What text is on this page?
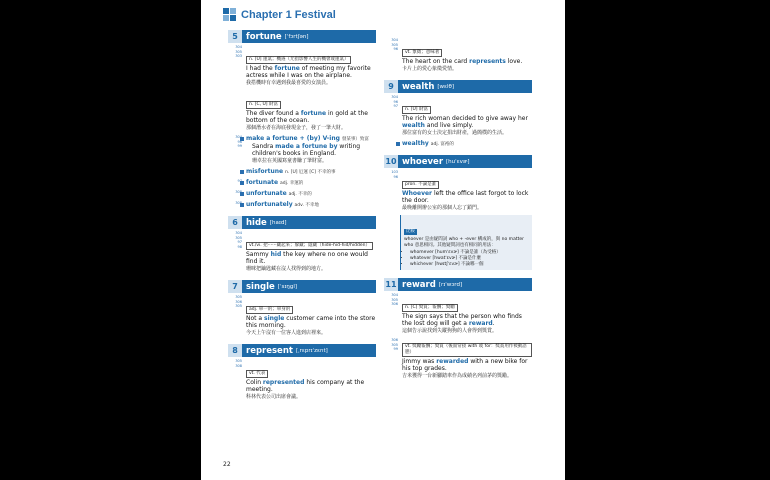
Chapter 1 Festival
5 fortune [ˈfɔrtʃən]
304
305
303
n. [U] 運氣；機遇（尤指影響人生的機會或運氣）
I had the fortune of meeting my favorite actress while I was on the airplane.
我搭機時有幸遇到我最喜愛的女演員。
n. [C, U] 財富
The diver found a fortune in gold at the bottom of the ocean.
那個潛水者在海底發現金子，發了一筆大財。
304
96
99
make a fortune + (by) V-ing 發某事）致富
Sandra made a fortune by writing children's books in England.
珊卓拉在英國寫童書賺了筆財富。
misfortune n. [U] 厄運 [C] 不幸的事
97 fortunate adj. 幸運的
308 unfortunate adj. 不幸的
308 unfortunately adv. 不幸地
6 hide [haɪd]
304
305
97
98 vt./vi. 把⋯⋯藏起來；躲藏；隱藏（hide-hid-hid/hidden）
Sammy hid the key where no one would find it.
珊咪把鑰匙藏在沒人找得到的地方。
7 single [ˈsɪŋɡl]
305
306
305
adj. 單一的；單身的
Not a single customer came into the store this morning.
今天上午沒有一位客人進到店裡來。
8 represent [ˌrɛprɪˈzɛnt]
305
308
vt. 代表
Colin represented his company at the meeting.
科林代表公司出席會議。
304
305
96
vt. 象徵；意味著
The heart on the card represents love.
卡片上的愛心象徵愛情。
9 wealth [wɛlθ]
304
96
97
n. [U] 財富
The rich woman decided to give away her wealth and live simply.
那位富有的女士決定捐出財產，過簡樸的生活。
wealthy adj. 富裕的
10 whoever [huˈɛvɚ]
103
96
pron. 不論是誰
Whoever left the office last forgot to lock the door.
最晚離開辦公室的那個人忘了鎖門。
比較

whoever 是由疑問詞 who + -ever 構成的，與 no matter who 意思相同。其他疑問詞也有相同的用法：

• whomever [humˈɛvɚ] 不論是誰（為受格）
• whatever [hwatˈɛvɚ] 不論是什麼
• whichever [hwɪtʃˈɛvɚ] 不論哪一個
11 reward [rɪˈwɔrd]
304
305
306
n. [C] 獎賞；報酬；獎勵
The sign says that the person who finds the lost dog will get a reward.
這個告示說找到失蹤狗狗的人會得到獎賞。
306
305
99 vt. 獎勵報酬；獎賞（後面常接 with 或 for：獎賞用作被動語態）
Jimmy was rewarded with a new bike for his top grades.
吉米獲得一台新腳踏車作為成績名列前茅的獎勵。
22
